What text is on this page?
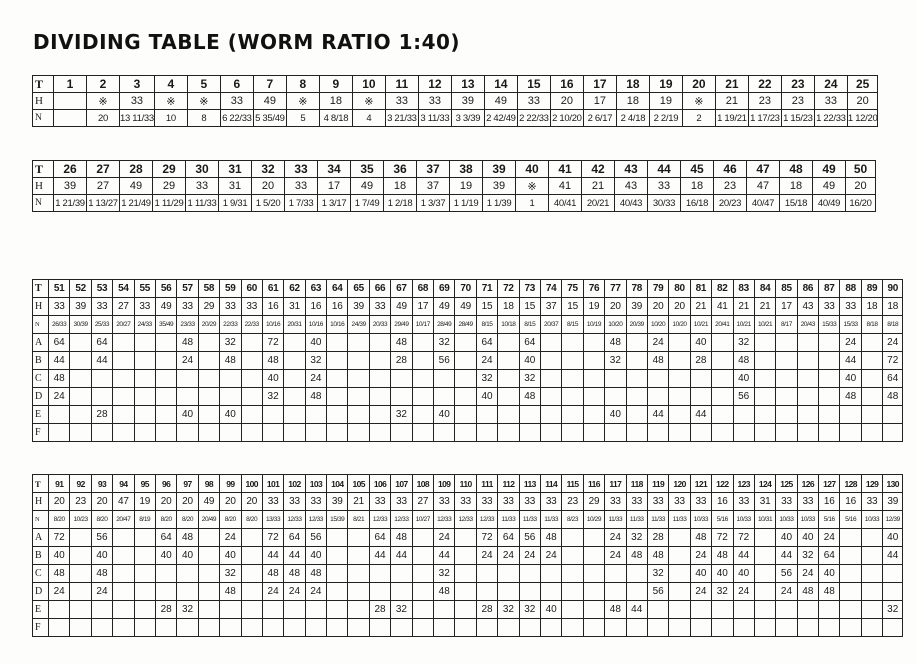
DIVIDING TABLE (WORM RATIO 1:40)
T	1	2	3	4	5	6	7	8	9	10	11	12	13	14	15	16	17	18	19	20	21	22	23	24	25
H		※	33	※	※	33	49	※	18	※	33	33	39	49	33	20	17	18	19	※	21	23	23	33	20
N		20	13 11/33	10	8	6 22/33	5 35/49	5	4 8/18	4	3 21/33	3 11/33	3 3/39	2 42/49	2 22/33	2 10/20	2 6/17	2 4/18	2 2/19	2	1 19/21	1 17/23	1 15/23	1 22/33	1 12/20
T	26	27	28	29	30	31	32	33	34	35	36	37	38	39	40	41	42	43	44	45	46	47	48	49	50
H	39	27	49	29	33	31	20	33	17	49	18	37	19	39	※	41	21	43	33	18	23	47	18	49	20
N	1 21/39	1 13/27	1 21/49	1 11/29	1 11/33	1 9/31	1 5/20	1 7/33	1 3/17	1 7/49	1 2/18	1 3/37	1 1/19	1 1/39	1	40/41	20/21	40/43	30/33	16/18	20/23	40/47	15/18	40/49	16/20
T	51	52	53	54	55	56	57	58	59	60	61	62	63	64	65	66	67	68	69	70	71	72	73	74	75	76	77	78	79	80	81	82	83	84	85	86	87	88	89	90
H	33	39	33	27	33	49	33	29	33	33	16	31	16	16	39	33	49	17	49	49	15	18	15	37	15	19	20	39	20	20	21	41	21	21	17	43	33	33	18	18
N	26/33	30/39	25/33	20/27	24/33	35/49	23/33	20/29	22/33	22/33	10/16	20/31	10/16	10/16	24/39	20/33	29/49	10/17	28/49	28/49	8/15	10/18	8/15	20/37	8/15	10/19	10/20	20/39	10/20	10/20	10/21	20/41	10/21	10/21	8/17	20/43	15/33	15/33	8/18	8/18
A	64		64				48		32		72		40				48		32		64		64				48		24		40		32					24		24
B	44		44				24		48		48		32				28		56		24		40				32		48		28		48					44		72
C	48										40		24								32		32										40					40		64
D	24										32		48								40		48										56					48		48
E			28				40		40								32		40								40		44		44									
F																																								
T	91	92	93	94	95	96	97	98	99	100	101	102	103	104	105	106	107	108	109	110	111	112	113	114	115	116	117	118	119	120	121	122	123	124	125	126	127	128	129	130
H	20	23	20	47	19	20	20	49	20	20	33	33	33	39	21	33	33	27	33	33	33	33	33	33	23	29	33	33	33	33	33	16	33	31	33	33	16	16	33	39
N	8/20	10/23	8/20	20/47	8/19	8/20	8/20	20/49	8/20	8/20	13/33	12/33	12/33	15/39	8/21	12/33	12/33	10/27	12/33	12/33	12/33	11/33	11/33	11/33	8/23	10/29	11/33	11/33	11/33	11/33	10/33	5/16	10/33	10/31	10/33	10/33	5/16	5/16	10/33	12/39
A	72		56			64	48		24		72	64	56			64	48		24		72	64	56	48			24	32	28		48	72	72		40	40	24			40
B	40		40			40	40		40		44	44	40			44	44		44		24	24	24	24			24	48	48		24	48	44		44	32	64			44
C	48		48						32		48	48	48						32										32		40	40	40		56	24	40			
D	24		24						48		24	24	24						48										56		24	32	24		24	48	48			
E						28	32									28	32				28	32	32	40			48	44												32
F																																								
